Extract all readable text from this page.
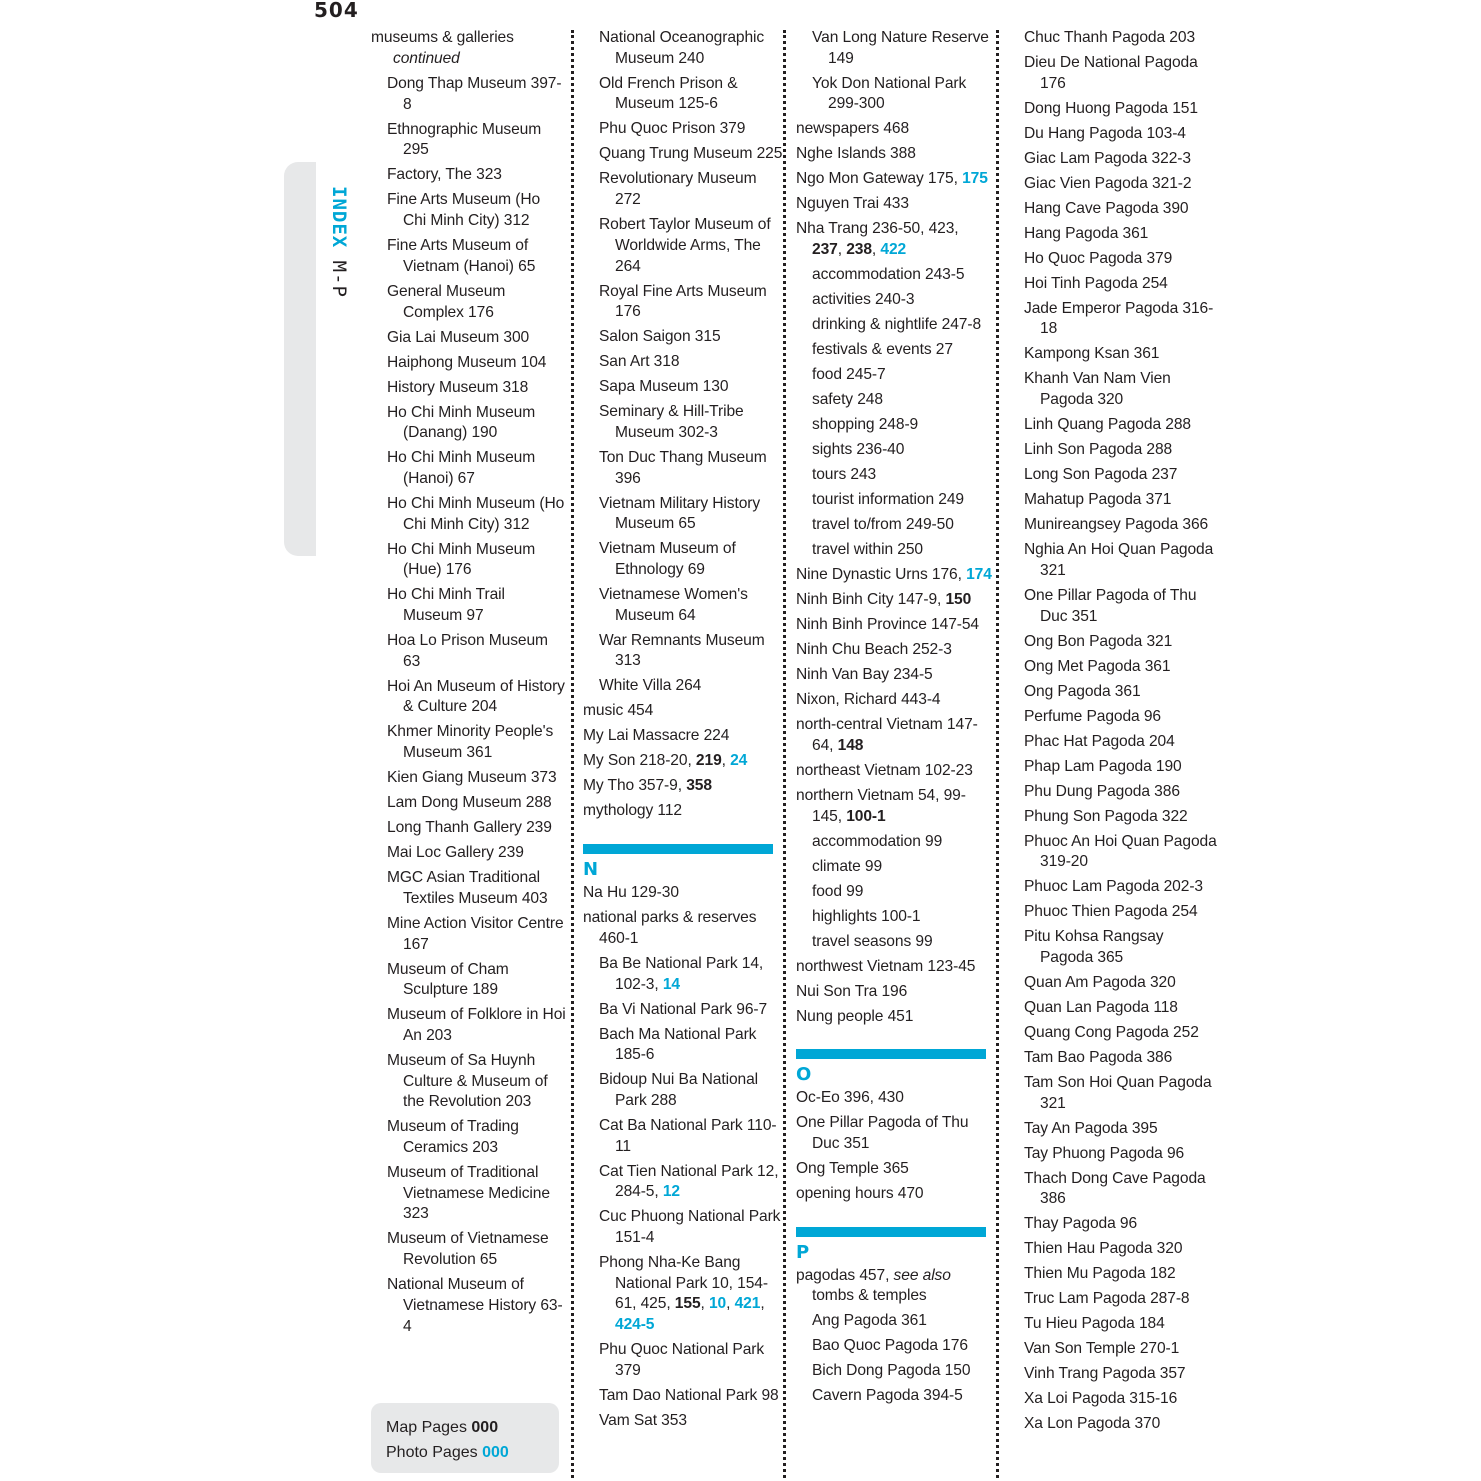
504
INDEX M-P
museums & galleries
continued
Dong Thap Museum 397-8
Ethnographic Museum 295
Factory, The 323
Fine Arts Museum (Ho Chi Minh City) 312
Fine Arts Museum of Vietnam (Hanoi) 65
General Museum Complex 176
Gia Lai Museum 300
Haiphong Museum 104
History Museum 318
Ho Chi Minh Museum (Danang) 190
Ho Chi Minh Museum (Hanoi) 67
Ho Chi Minh Museum (Ho Chi Minh City) 312
Ho Chi Minh Museum (Hue) 176
Ho Chi Minh Trail Museum 97
Hoa Lo Prison Museum 63
Hoi An Museum of History & Culture 204
Khmer Minority People's Museum 361
Kien Giang Museum 373
Lam Dong Museum 288
Long Thanh Gallery 239
Mai Loc Gallery 239
MGC Asian Traditional Textiles Museum 403
Mine Action Visitor Centre 167
Museum of Cham Sculpture 189
Museum of Folklore in Hoi An 203
Museum of Sa Huynh Culture & Museum of the Revolution 203
Museum of Trading Ceramics 203
Museum of Traditional Vietnamese Medicine 323
Museum of Vietnamese Revolution 65
National Museum of Vietnamese History 63-4
National Oceanographic Museum 240
Old French Prison & Museum 125-6
Phu Quoc Prison 379
Quang Trung Museum 225
Revolutionary Museum 272
Robert Taylor Museum of Worldwide Arms, The 264
Royal Fine Arts Museum 176
Salon Saigon 315
San Art 318
Sapa Museum 130
Seminary & Hill-Tribe Museum 302-3
Ton Duc Thang Museum 396
Vietnam Military History Museum 65
Vietnam Museum of Ethnology 69
Vietnamese Women's Museum 64
War Remnants Museum 313
White Villa 264
music 454
My Lai Massacre 224
My Son 218-20, 219, 24
My Tho 357-9, 358
mythology 112
N
Na Hu 129-30
national parks & reserves 460-1
Ba Be National Park 14, 102-3, 14
Ba Vi National Park 96-7
Bach Ma National Park 185-6
Bidoup Nui Ba National Park 288
Cat Ba National Park 110-11
Cat Tien National Park 12, 284-5, 12
Cuc Phuong National Park 151-4
Phong Nha-Ke Bang National Park 10, 154-61, 425, 155, 10, 421, 424-5
Phu Quoc National Park 379
Tam Dao National Park 98
Vam Sat 353
Van Long Nature Reserve 149
Yok Don National Park 299-300
newspapers 468
Nghe Islands 388
Ngo Mon Gateway 175, 175
Nguyen Trai 433
Nha Trang 236-50, 423, 237, 238, 422
accommodation 243-5
activities 240-3
drinking & nightlife 247-8
festivals & events 27
food 245-7
safety 248
shopping 248-9
sights 236-40
tours 243
tourist information 249
travel to/from 249-50
travel within 250
Nine Dynastic Urns 176, 174
Ninh Binh City 147-9, 150
Ninh Binh Province 147-54
Ninh Chu Beach 252-3
Ninh Van Bay 234-5
Nixon, Richard 443-4
north-central Vietnam 147-64, 148
northeast Vietnam 102-23
northern Vietnam 54, 99-145, 100-1
accommodation 99
climate 99
food 99
highlights 100-1
travel seasons 99
northwest Vietnam 123-45
Nui Son Tra 196
Nung people 451
O
Oc-Eo 396, 430
One Pillar Pagoda of Thu Duc 351
Ong Temple 365
opening hours 470
P
pagodas 457, see also tombs & temples
Ang Pagoda 361
Bao Quoc Pagoda 176
Bich Dong Pagoda 150
Cavern Pagoda 394-5
Chuc Thanh Pagoda 203
Dieu De National Pagoda 176
Dong Huong Pagoda 151
Du Hang Pagoda 103-4
Giac Lam Pagoda 322-3
Giac Vien Pagoda 321-2
Hang Cave Pagoda 390
Hang Pagoda 361
Ho Quoc Pagoda 379
Hoi Tinh Pagoda 254
Jade Emperor Pagoda 316-18
Kampong Ksan 361
Khanh Van Nam Vien Pagoda 320
Linh Quang Pagoda 288
Linh Son Pagoda 288
Long Son Pagoda 237
Mahatup Pagoda 371
Munireangsey Pagoda 366
Nghia An Hoi Quan Pagoda 321
One Pillar Pagoda of Thu Duc 351
Ong Bon Pagoda 321
Ong Met Pagoda 361
Ong Pagoda 361
Perfume Pagoda 96
Phac Hat Pagoda 204
Phap Lam Pagoda 190
Phu Dung Pagoda 386
Phung Son Pagoda 322
Phuoc An Hoi Quan Pagoda 319-20
Phuoc Lam Pagoda 202-3
Phuoc Thien Pagoda 254
Pitu Kohsa Rangsay Pagoda 365
Quan Am Pagoda 320
Quan Lan Pagoda 118
Quang Cong Pagoda 252
Tam Bao Pagoda 386
Tam Son Hoi Quan Pagoda 321
Tay An Pagoda 395
Tay Phuong Pagoda 96
Thach Dong Cave Pagoda 386
Thay Pagoda 96
Thien Hau Pagoda 320
Thien Mu Pagoda 182
Truc Lam Pagoda 287-8
Tu Hieu Pagoda 184
Van Son Temple 270-1
Vinh Trang Pagoda 357
Xa Loi Pagoda 315-16
Xa Lon Pagoda 370
Map Pages 000
Photo Pages 000
